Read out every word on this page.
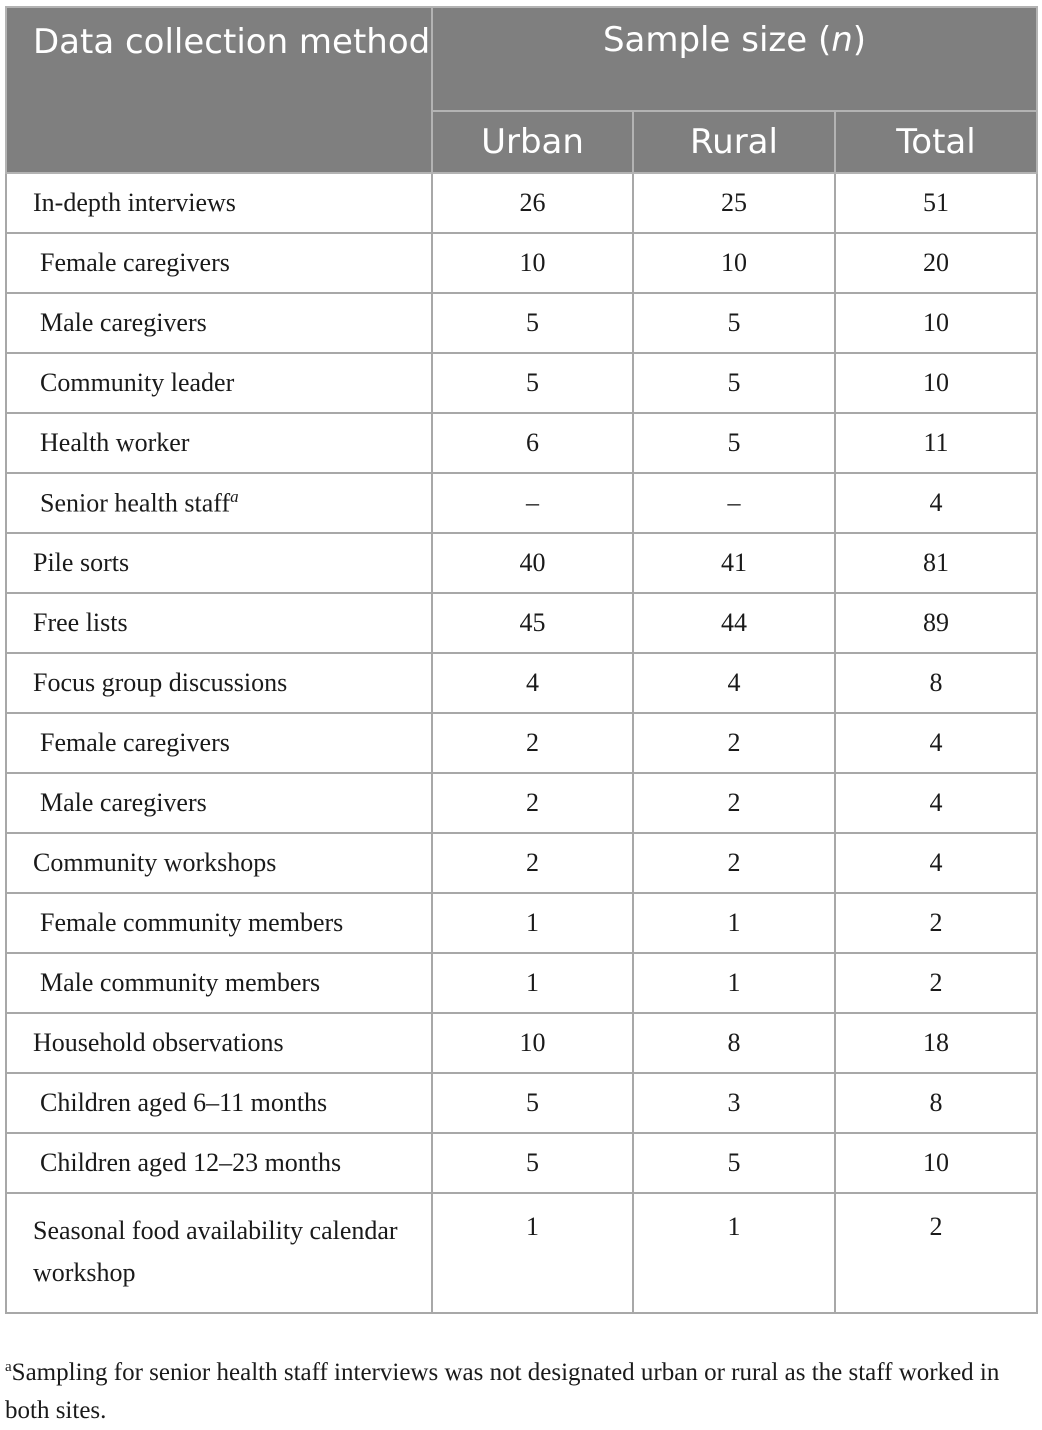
Data collection method	Sample size (n)		
	Urban	Rural	Total
In-depth interviews	26	25	51
Female caregivers	10	10	20
Male caregivers	5	5	10
Community leader	5	5	10
Health worker	6	5	11
Senior health staff$^a$	–	–	4
Pile sorts	40	41	81
Free lists	45	44	89
Focus group discussions	4	4	8
Female caregivers	2	2	4
Male caregivers	2	2	4
Community workshops	2	2	4
Female community members	1	1	2
Male community members	1	1	2
Household observations	10	8	18
Children aged 6–11 months	5	3	8
Children aged 12–23 months	5	5	10
Seasonal food availability calendar workshop	1	1	2
$^a$Sampling for senior health staff interviews was not designated urban or rural as the staff worked in both sites.
